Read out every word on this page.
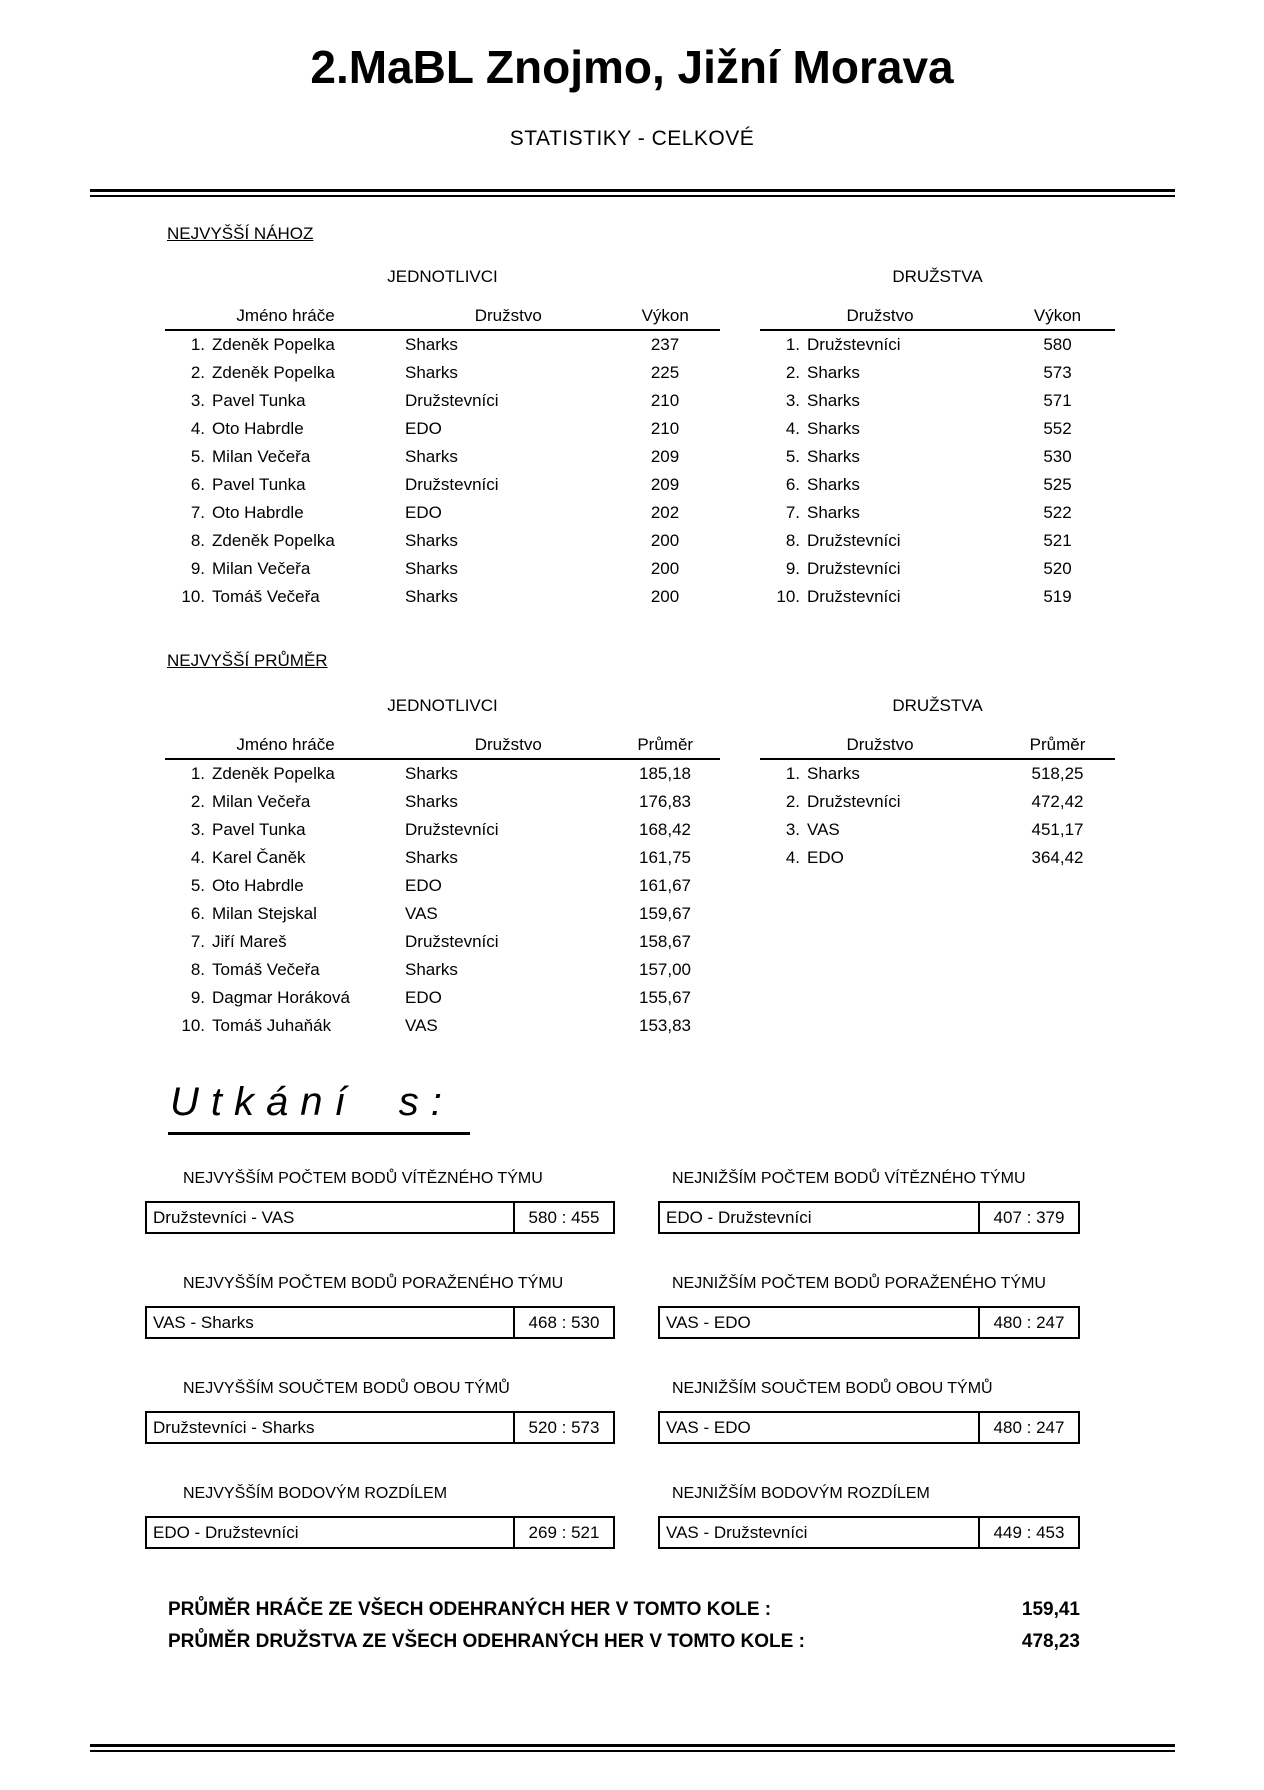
2.MaBL Znojmo, Jižní Morava
STATISTIKY - CELKOVÉ
NEJVYŠŠÍ NÁHOZ
JEDNOTLIVCI
Jméno hráče	Družstvo	Výkon
1. Zdeněk Popelka	Sharks	237
2. Zdeněk Popelka	Sharks	225
3. Pavel Tunka	Družstevníci	210
4. Oto Habrdle	EDO	210
5. Milan Večeřa	Sharks	209
6. Pavel Tunka	Družstevníci	209
7. Oto Habrdle	EDO	202
8. Zdeněk Popelka	Sharks	200
9. Milan Večeřa	Sharks	200
10. Tomáš Večeřa	Sharks	200
DRUŽSTVA
Družstvo	Výkon
1. Družstevníci	580
2. Sharks	573
3. Sharks	571
4. Sharks	552
5. Sharks	530
6. Sharks	525
7. Sharks	522
8. Družstevníci	521
9. Družstevníci	520
10. Družstevníci	519
NEJVYŠŠÍ PRŮMĚR
JEDNOTLIVCI
Jméno hráče	Družstvo	Průměr
1. Zdeněk Popelka	Sharks	185,18
2. Milan Večeřa	Sharks	176,83
3. Pavel Tunka	Družstevníci	168,42
4. Karel Čaněk	Sharks	161,75
5. Oto Habrdle	EDO	161,67
6. Milan Stejskal	VAS	159,67
7. Jiří Mareš	Družstevníci	158,67
8. Tomáš Večeřa	Sharks	157,00
9. Dagmar Horáková	EDO	155,67
10. Tomáš Juhaňák	VAS	153,83
DRUŽSTVA
Družstvo	Průměr
1. Sharks	518,25
2. Družstevníci	472,42
3. VAS	451,17
4. EDO	364,42
Utkání s:
NEJVYŠŠÍM POČTEM BODŮ VÍTĚZNÉHO TÝMU
Družstevníci - VAS	580 : 455
NEJNIŽŠÍM POČTEM BODŮ VÍTĚZNÉHO TÝMU
EDO - Družstevníci	407 : 379
NEJVYŠŠÍM POČTEM BODŮ PORAŽENÉHO TÝMU
VAS - Sharks	468 : 530
NEJNIŽŠÍM POČTEM BODŮ PORAŽENÉHO TÝMU
VAS - EDO	480 : 247
NEJVYŠŠÍM SOUČTEM BODŮ OBOU TÝMŮ
Družstevníci - Sharks	520 : 573
NEJNIŽŠÍM SOUČTEM BODŮ OBOU TÝMŮ
VAS - EDO	480 : 247
NEJVYŠŠÍM BODOVÝM ROZDÍLEM
EDO - Družstevníci	269 : 521
NEJNIŽŠÍM BODOVÝM ROZDÍLEM
VAS - Družstevníci	449 : 453
PRŮMĚR HRÁČE ZE VŠECH ODEHRANÝCH HER V TOMTO KOLE :	159,41
PRŮMĚR DRUŽSTVA ZE VŠECH ODEHRANÝCH HER V TOMTO KOLE :	478,23
